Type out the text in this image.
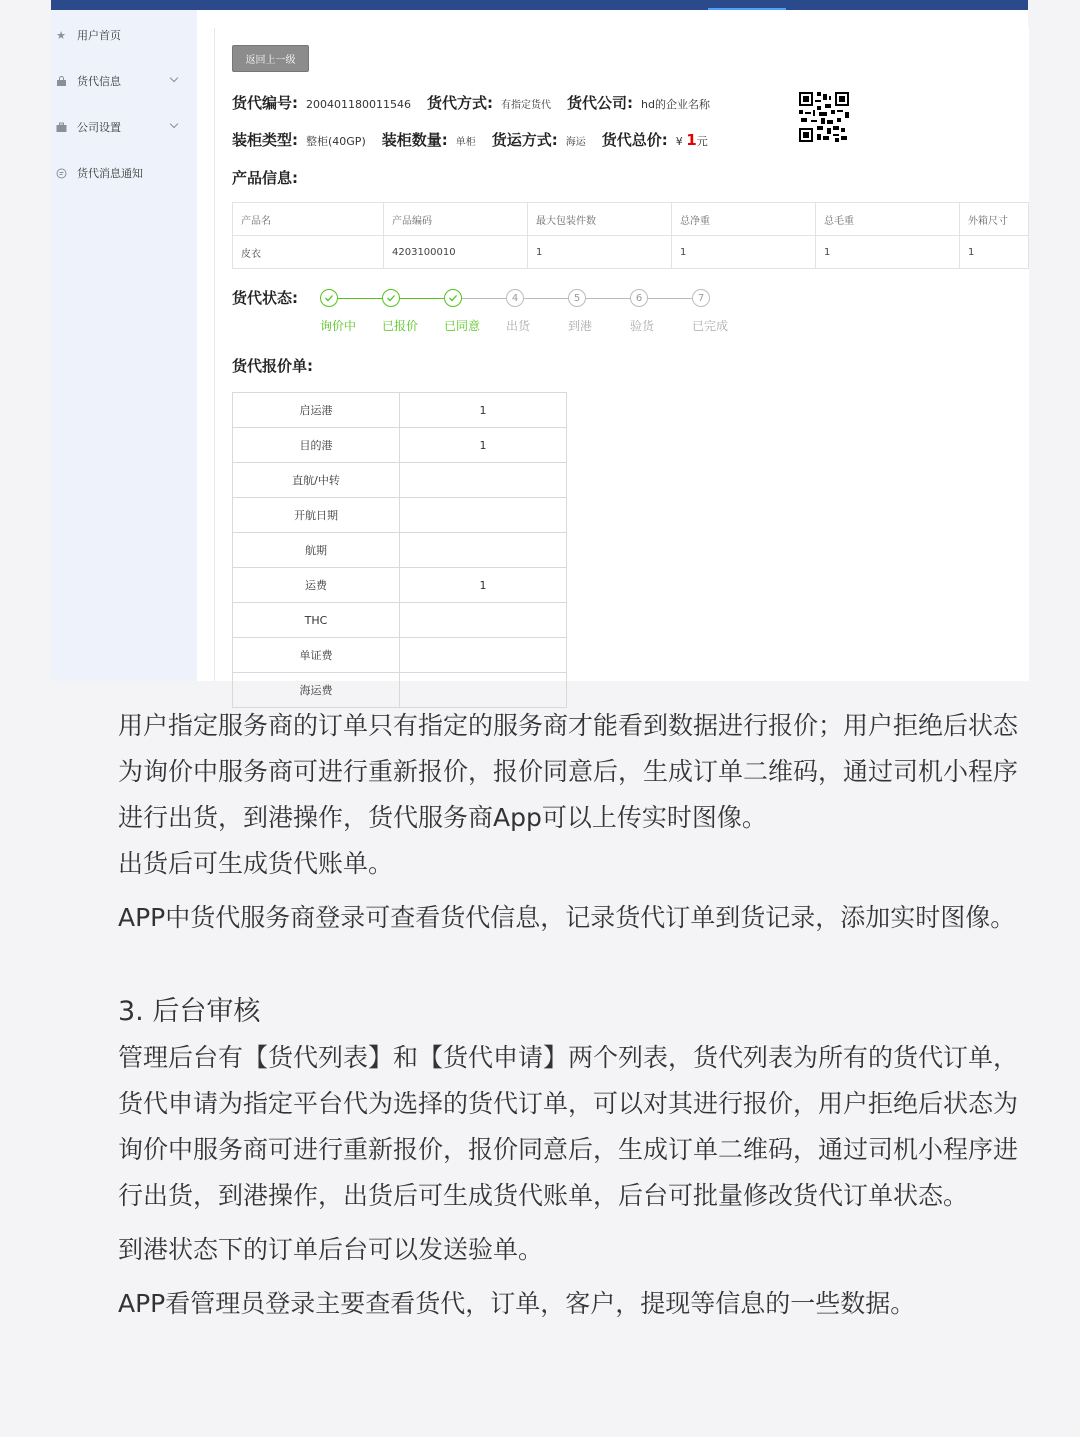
★ 用户首页
货代信息
公司设置
货代消息通知
返回上一级
货代编号: 200401180011546 货代方式: 有指定货代 货代公司: hd的企业名称
装柜类型: 整柜(40GP) 装柜数量: 单柜 货运方式: 海运 货代总价: ¥ 1元
产品信息:
产品名	产品编码	最大包装件数	总净重	总毛重	外箱尺寸
皮衣	4203100010	1	1	1	1
货代状态:
询价中 已报价 已同意
4
出货
5
到港
6
验货
7
已完成
货代报价单:
启运港	1
目的港	1
直航/中转	
开航日期	
航期	
运费	1
THC	
单证费	
海运费	

用户指定服务商的订单只有指定的服务商才能看到数据进行报价；用户拒绝后状态为询价中服务商可进行重新报价，报价同意后，生成订单二维码，通过司机小程序进行出货，到港操作，货代服务商App可以上传实时图像。

出货后可生成货代账单。

APP中货代服务商登录可查看货代信息，记录货代订单到货记录，添加实时图像。

3. 后台审核

管理后台有【货代列表】和【货代申请】两个列表，货代列表为所有的货代订单，货代申请为指定平台代为选择的货代订单，可以对其进行报价，用户拒绝后状态为询价中服务商可进行重新报价，报价同意后，生成订单二维码，通过司机小程序进行出货，到港操作，出货后可生成货代账单，后台可批量修改货代订单状态。

到港状态下的订单后台可以发送验单。

APP看管理员登录主要查看货代，订单，客户，提现等信息的一些数据。
